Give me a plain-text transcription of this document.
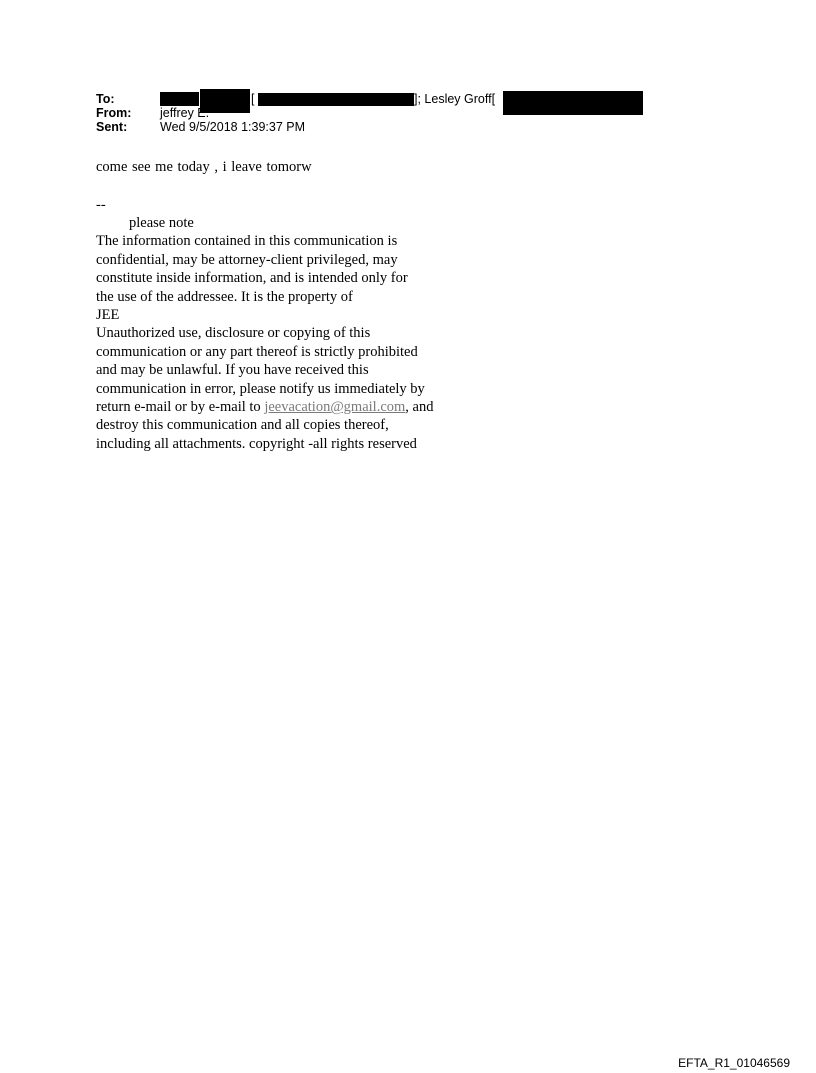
To:	[	]; Lesley Groff[
From: jeffrey E.
Sent:	Wed 9/5/2018 1:39:37 PM
come see me today , i leave tomorw
--
please note
The information contained in this communication is
confidential, may be attorney-client privileged, may
constitute inside information, and is intended only for
the use of the addressee. It is the property of
JEE
Unauthorized use, disclosure or copying of this
communication or any part thereof is strictly prohibited
and may be unlawful. If you have received this
communication in error, please notify us immediately by
return e-mail or by e-mail to jeevacation@gmail.com, and
destroy this communication and all copies thereof,
including all attachments. copyright -all rights reserved
EFTA_R1_01046569
